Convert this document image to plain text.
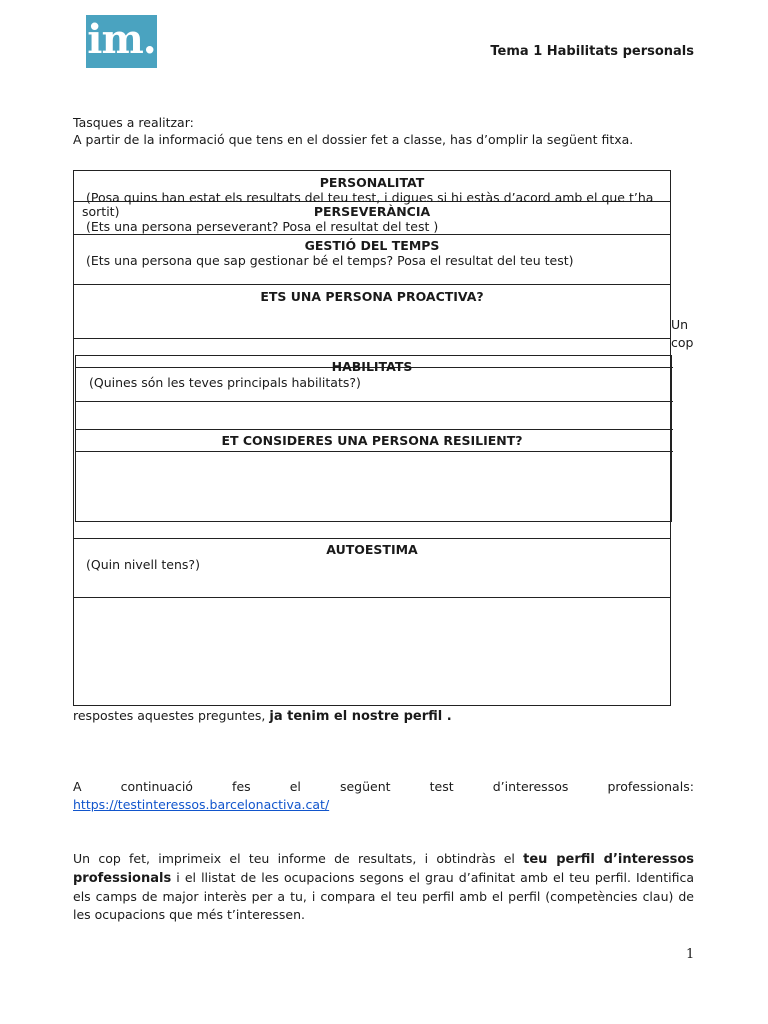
im.	Tema 1 Habilitats personals
Tasques a realitzar:
A partir de la informació que tens en el dossier fet a classe, has d’omplir la següent fitxa.
PERSONALITAT
(Posa quins han estat els resultats del teu test, i digues si hi estàs d’acord amb el que t’ha
sortit)	PERSEVERÀNCIA
(Ets una persona perseverant? Posa el resultat del test )
GESTIÓ DEL TEMPS
(Ets una persona que sap gestionar bé el temps? Posa el resultat del teu test)
ETS UNA PERSONA PROACTIVA?
HABILITATS
(Quines són les teves principals habilitats?)
ET CONSIDERES UNA PERSONA RESILIENT?
AUTOESTIMA
(Quin nivell tens?)
Un
cop
respostes aquestes preguntes, ja tenim el nostre perfil .
A	continuació	fes	el	següent	test	d’interessos	professionals:
https://testinteressos.barcelonactiva.cat/
Un cop fet, imprimeix el teu informe de resultats, i obtindràs el teu perfil d’interessos professionals i el llistat de les ocupacions segons el grau d’afinitat amb el teu perfil. Identifica els camps de major interès per a tu, i compara el teu perfil amb el perfil (competències clau) de les ocupacions que més t’interessen.
1
